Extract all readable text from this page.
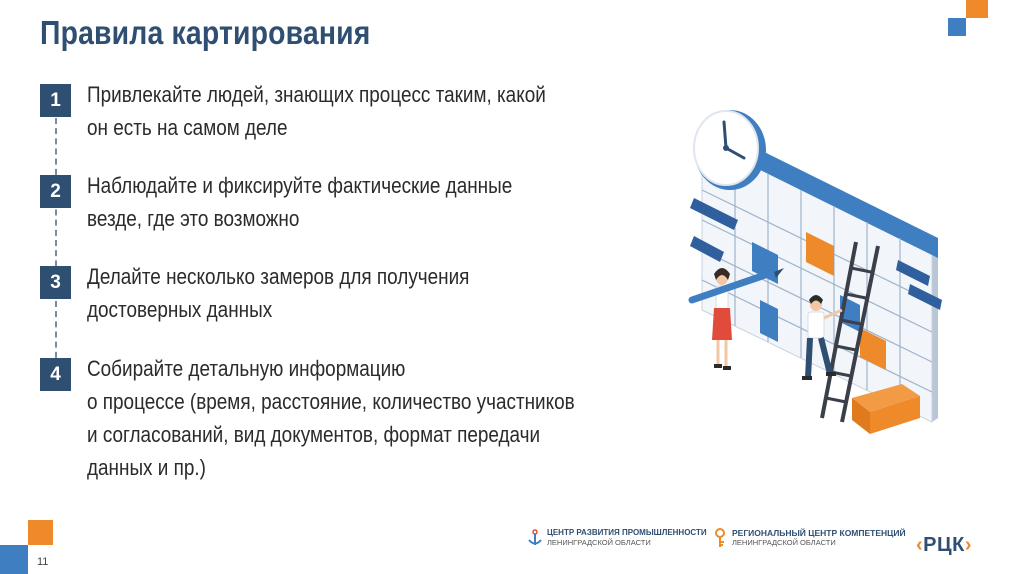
Правила картирования
1	Привлекайте людей, знающих процесс таким, какой
он есть на самом деле
2	Наблюдайте и фиксируйте фактические данные
везде, где это возможно
3	Делайте несколько замеров для получения
достоверных данных
4	Собирайте детальную информацию
о процессе (время, расстояние, количество участников
и согласований, вид документов, формат передачи
данных и пр.)
ЦЕНТР РАЗВИТИЯ ПРОМЫШЛЕННОСТИ
ЛЕНИНГРАДСКОЙ ОБЛАСТИ
РЕГИОНАЛЬНЫЙ ЦЕНТР КОМПЕТЕНЦИЙ
ЛЕНИНГРАДСКОЙ ОБЛАСТИ	‹РЦК›
11
